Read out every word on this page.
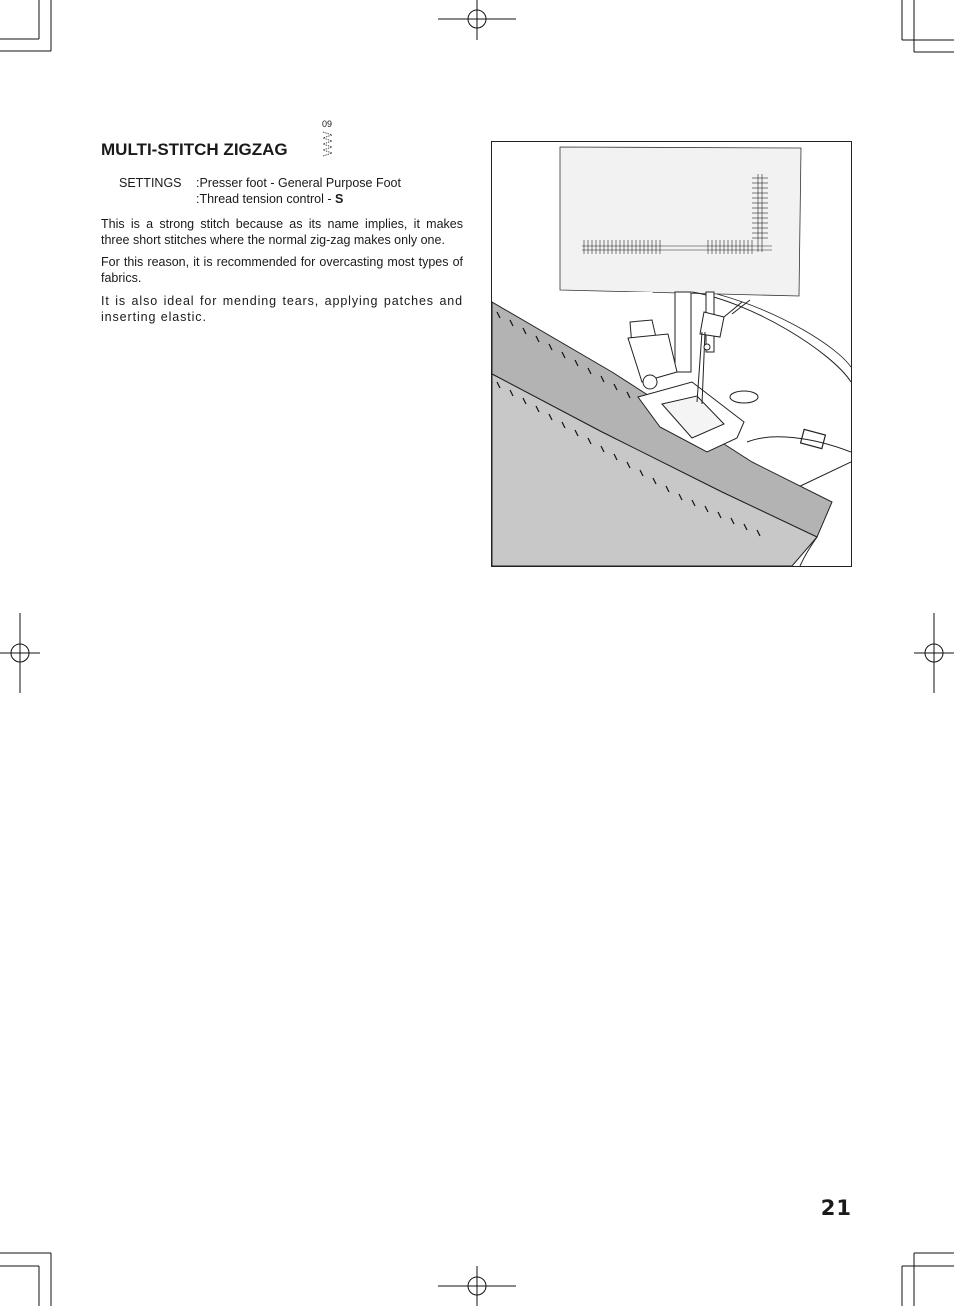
MULTI-STITCH ZIGZAG
09
SETTINGS	:Presser foot - General Purpose Foot
:Thread tension control - S

This is a strong stitch because as its name implies, it makes three short stitches where the normal zig-zag makes only one.

For this reason, it is recommended for overcasting most types of fabrics.

It is also ideal for mending tears, applying patches and inserting elastic.

21
